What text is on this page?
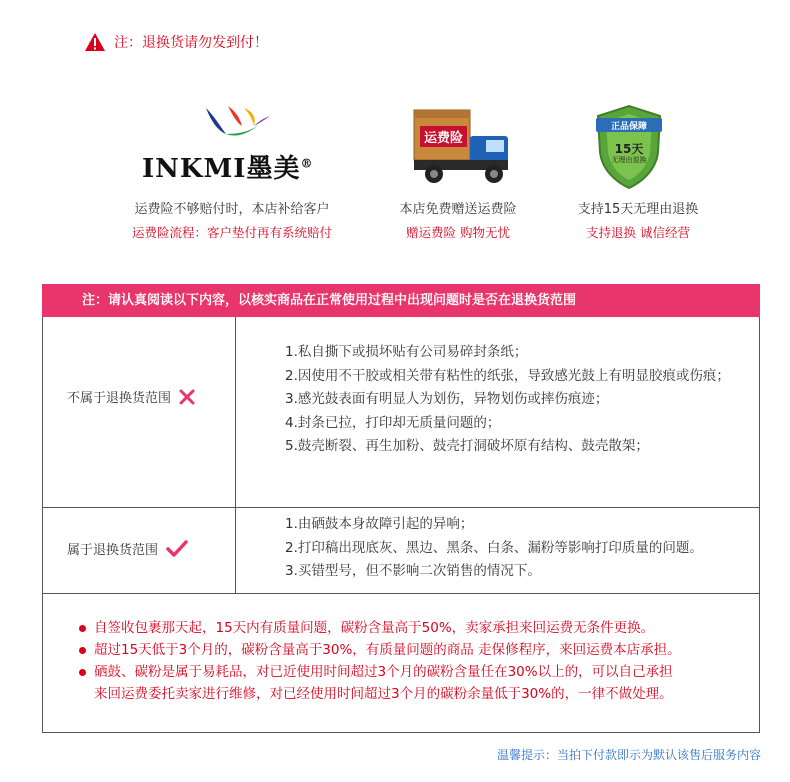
注：退换货请勿发到付！
INKMI墨美®
运费险不够赔付时，本店补给客户
运费险流程：客户垫付再有系统赔付
运费险
本店免费赠送运费险
赠运费险 购物无忧
正品保障
15天
无理由退换
支持15天无理由退换
支持退换 诚信经营
注：请认真阅读以下内容，以核实商品在正常使用过程中出现问题时是否在退换货范围
不属于退换货范围
1.私自撕下或损坏贴有公司易碎封条纸；
2.因使用不干胶或相关带有粘性的纸张，导致感光鼓上有明显胶痕或伤痕；
3.感光鼓表面有明显人为划伤，异物划伤或摔伤痕迹；
4.封条已拉，打印却无质量问题的；
5.鼓壳断裂、再生加粉、鼓壳打洞破坏原有结构、鼓壳散架；
属于退换货范围
1.由硒鼓本身故障引起的异响；
2.打印稿出现底灰、黑边、黑条、白条、漏粉等影响打印质量的问题。
3.买错型号，但不影响二次销售的情况下。
自签收包裹那天起，15天内有质量问题，碳粉含量高于50%，卖家承担来回运费无条件更换。
超过15天低于3个月的，碳粉含量高于30%，有质量问题的商品 走保修程序，来回运费本店承担。
硒鼓、碳粉是属于易耗品，对已近使用时间超过3个月的碳粉含量任在30%以上的，可以自己承担
来回运费委托卖家进行维修，对已经使用时间超过3个月的碳粉余量低于30%的，一律不做处理。
温馨提示：当拍下付款即示为默认该售后服务内容
